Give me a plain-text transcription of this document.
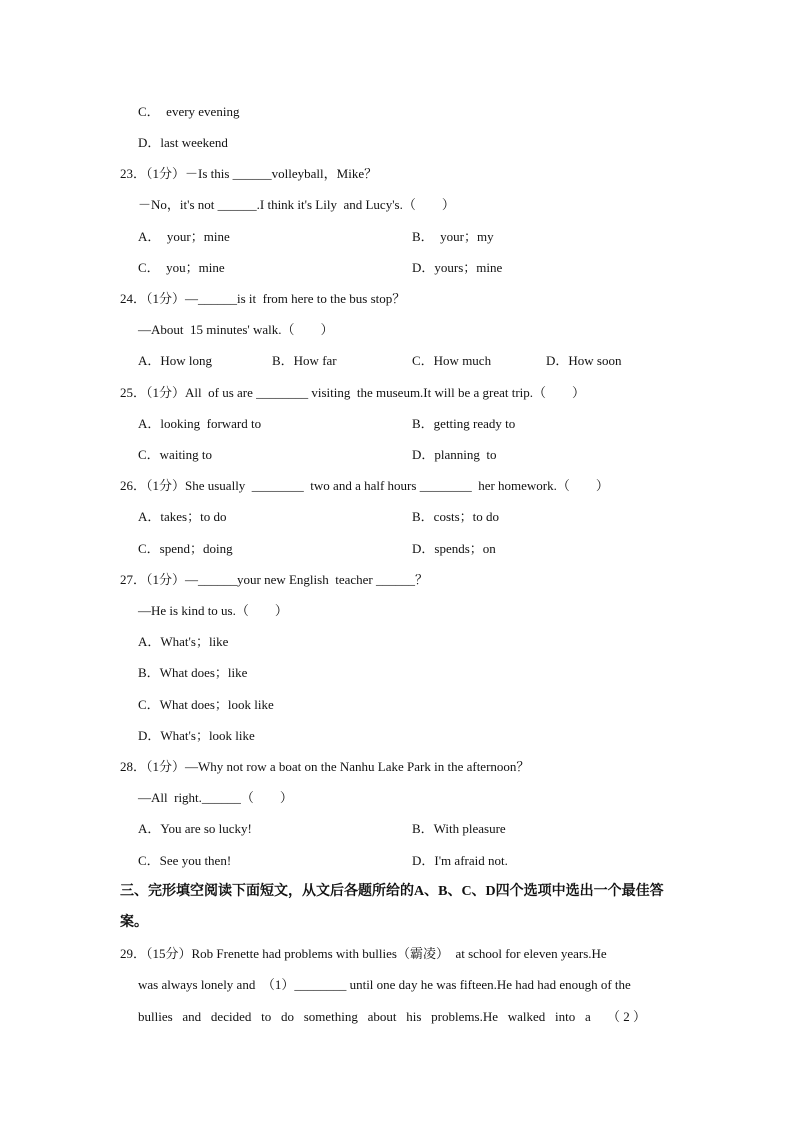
C．  every evening
D．last weekend
23．（1分）－Is this ______volleyball，Mike？
－No，it's not ______.I think it's Lily  and Lucy's.（        ）
A．  your；mine	B．  your；my
C．  you；mine	D．yours；mine
24．（1分）—______is it  from here to the bus stop？
—About  15 minutes' walk.（        ）
A．How long	B．How far	C．How much	D．How soon
25．（1分）All  of us are ________ visiting  the museum.It will be a great trip.（        ）
A．looking  forward to	B．getting ready to
C．waiting to	D．planning  to
26．（1分）She usually  ________  two and a half hours ________  her homework.（        ）
A．takes；to do	B．costs；to do
C．spend；doing	D．spends；on
27．（1分）—______your new English  teacher ______？
—He is kind to us.（        ）
A．What's；like
B．What does；like
C．What does；look like
D．What's；look like
28．（1分）—Why not row a boat on the Nanhu Lake Park in the afternoon？
—All  right.______（        ）
A．You are so lucky!	B．With pleasure
C．See you then!	D．I'm afraid not.
三、完形填空阅读下面短文，从文后各题所给的A、B、C、D四个选项中选出一个最佳答
案。
29．（15分）Rob Frenette had problems with bullies（霸凌）  at school for eleven years.He
was always lonely and  （1）________ until one day he was fifteen.He had had enough of the
bullies   and   decided   to   do   something   about   his   problems.He   walked   into   a     （ 2 ）
